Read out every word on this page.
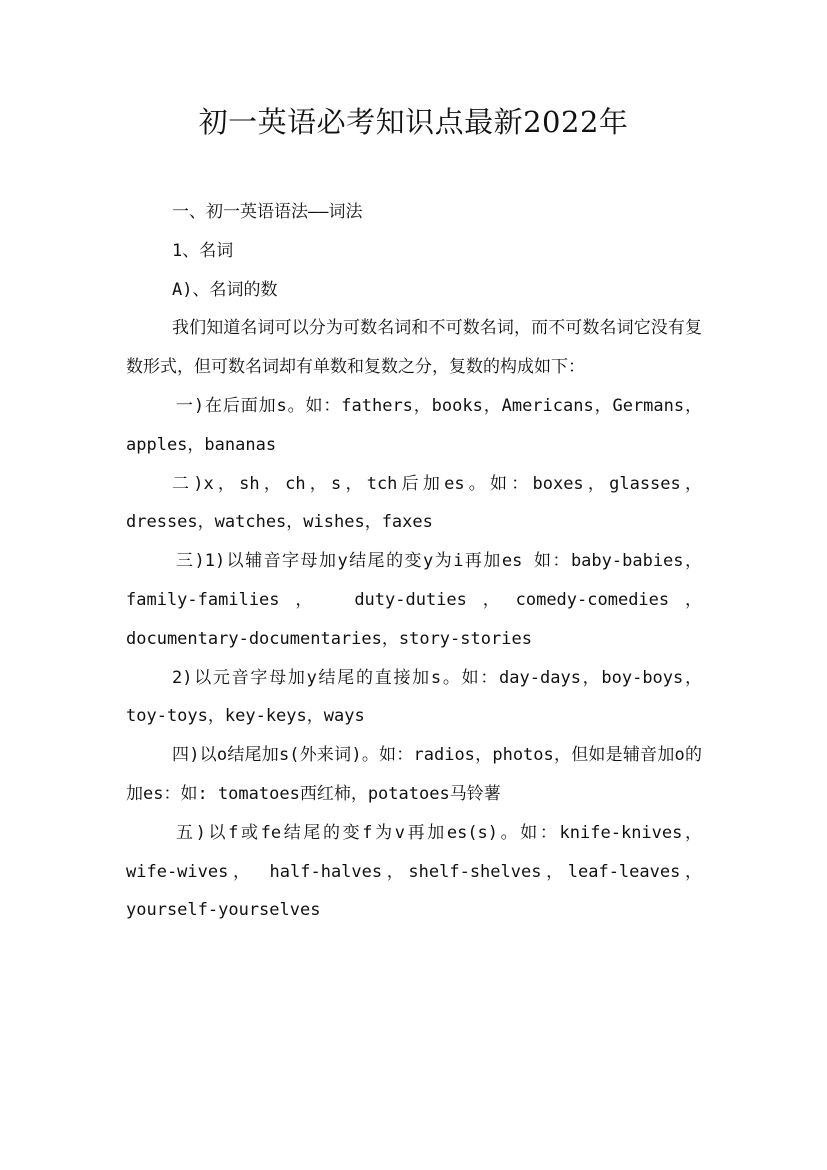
初一英语必考知识点最新2022年

一、初一英语语法——词法

1、名词

A)、名词的数

我们知道名词可以分为可数名词和不可数名词，而不可数名词它没有复数形式，但可数名词却有单数和复数之分，复数的构成如下：

一)在后面加s。如：fathers，books，Americans，Germans，apples，bananas

二)x，sh，ch，s，tch后加es。如：boxes，glasses，dresses，watches，wishes，faxes

三)1)以辅音字母加y结尾的变y为i再加es 如：baby-babies， family-families， duty-duties，comedy-comedies， documentary-documentaries，story-stories

2)以元音字母加y结尾的直接加s。如：day-days，boy-boys，toy-toys，key-keys，ways

四)以o结尾加s(外来词)。如：radios，photos，但如是辅音加o的加es：如: tomatoes西红柿，potatoes马铃薯

五)以f或fe结尾的变f为v再加es(s)。如：knife-knives， wife-wives， half-halves，shelf-shelves，leaf-leaves，yourself-yourselves
